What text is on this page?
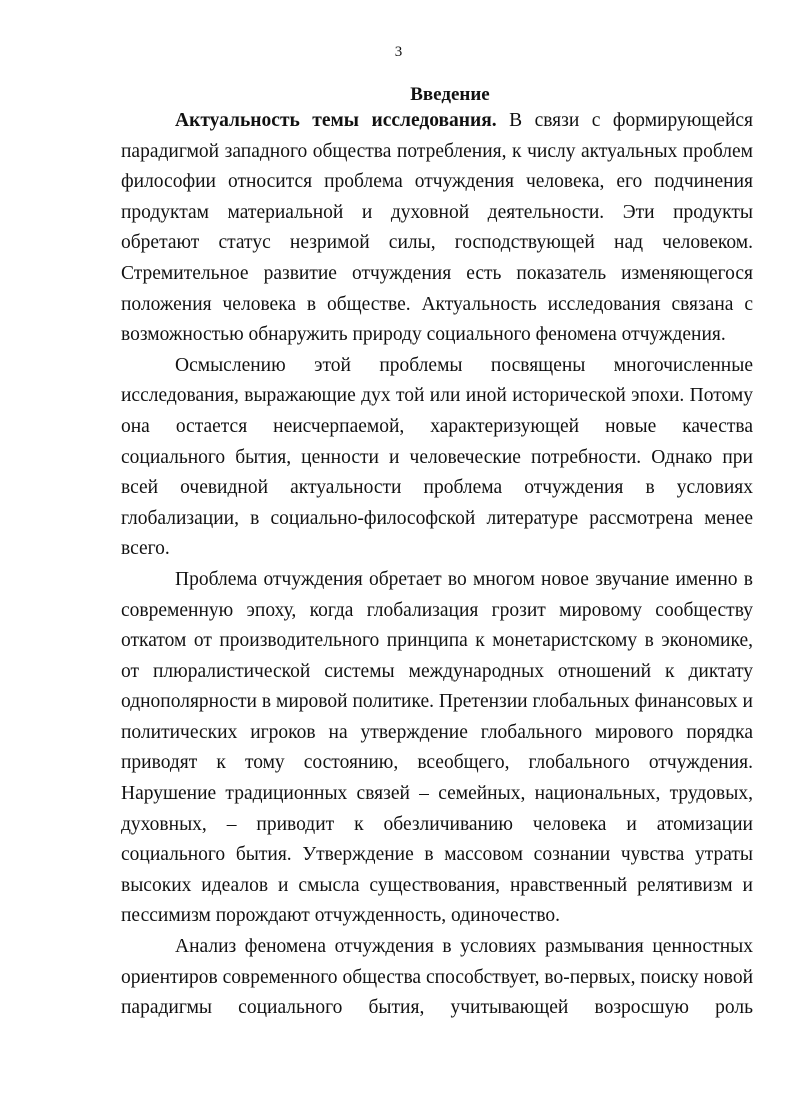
3
Введение

Актуальность темы исследования. В связи с формирующейся парадигмой западного общества потребления, к числу актуальных проблем философии относится проблема отчуждения человека, его подчинения продуктам материальной и духовной деятельности. Эти продукты обретают статус незримой силы, господствующей над человеком. Стремительное развитие отчуждения есть показатель изменяющегося положения человека в обществе. Актуальность исследования связана с возможностью обнаружить природу социального феномена отчуждения.

Осмыслению этой проблемы посвящены многочисленные исследования, выражающие дух той или иной исторической эпохи. Потому она остается неисчерпаемой, характеризующей новые качества социального бытия, ценности и человеческие потребности. Однако при всей очевидной актуальности проблема отчуждения в условиях глобализации, в социально-философской литературе рассмотрена менее всего.

Проблема отчуждения обретает во многом новое звучание именно в современную эпоху, когда глобализация грозит мировому сообществу откатом от производительного принципа к монетаристскому в экономике, от плюралистической системы международных отношений к диктату однополярности в мировой политике. Претензии глобальных финансовых и политических игроков на утверждение глобального мирового порядка приводят к тому состоянию, всеобщего, глобального отчуждения. Нарушение традиционных связей – семейных, национальных, трудовых, духовных, – приводит к обезличиванию человека и атомизации социального бытия. Утверждение в массовом сознании чувства утраты высоких идеалов и смысла существования, нравственный релятивизм и пессимизм порождают отчужденность, одиночество.

Анализ феномена отчуждения в условиях размывания ценностных ориентиров современного общества способствует, во-первых, поиску новой парадигмы социального бытия, учитывающей возросшую роль
